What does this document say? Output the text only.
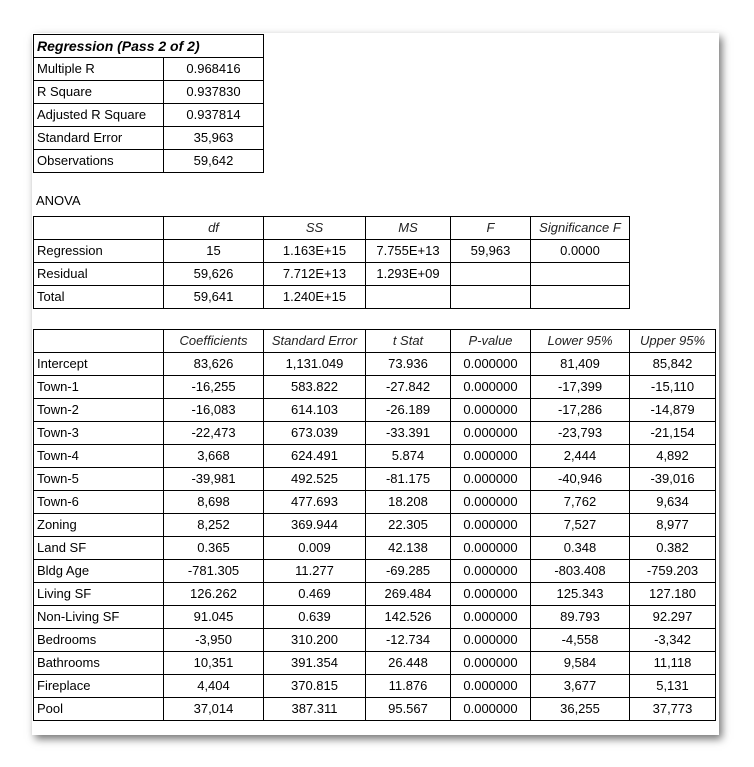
Regression (Pass 2 of 2)	
Multiple R	0.968416
R Square	0.937830
Adjusted R Square	0.937814
Standard Error	35,963
Observations	59,642
ANOVA
	df	SS	MS	F	Significance F
Regression	15	1.163E+15	7.755E+13	59,963	0.0000
Residual	59,626	7.712E+13	1.293E+09		
Total	59,641	1.240E+15			
	Coefficients	Standard Error	t Stat	P-value	Lower 95%	Upper 95%
Intercept	83,626	1,131.049	73.936	0.000000	81,409	85,842
Town-1	-16,255	583.822	-27.842	0.000000	-17,399	-15,110
Town-2	-16,083	614.103	-26.189	0.000000	-17,286	-14,879
Town-3	-22,473	673.039	-33.391	0.000000	-23,793	-21,154
Town-4	3,668	624.491	5.874	0.000000	2,444	4,892
Town-5	-39,981	492.525	-81.175	0.000000	-40,946	-39,016
Town-6	8,698	477.693	18.208	0.000000	7,762	9,634
Zoning	8,252	369.944	22.305	0.000000	7,527	8,977
Land SF	0.365	0.009	42.138	0.000000	0.348	0.382
Bldg Age	-781.305	11.277	-69.285	0.000000	-803.408	-759.203
Living SF	126.262	0.469	269.484	0.000000	125.343	127.180
Non-Living SF	91.045	0.639	142.526	0.000000	89.793	92.297
Bedrooms	-3,950	310.200	-12.734	0.000000	-4,558	-3,342
Bathrooms	10,351	391.354	26.448	0.000000	9,584	11,118
Fireplace	4,404	370.815	11.876	0.000000	3,677	5,131
Pool	37,014	387.311	95.567	0.000000	36,255	37,773
